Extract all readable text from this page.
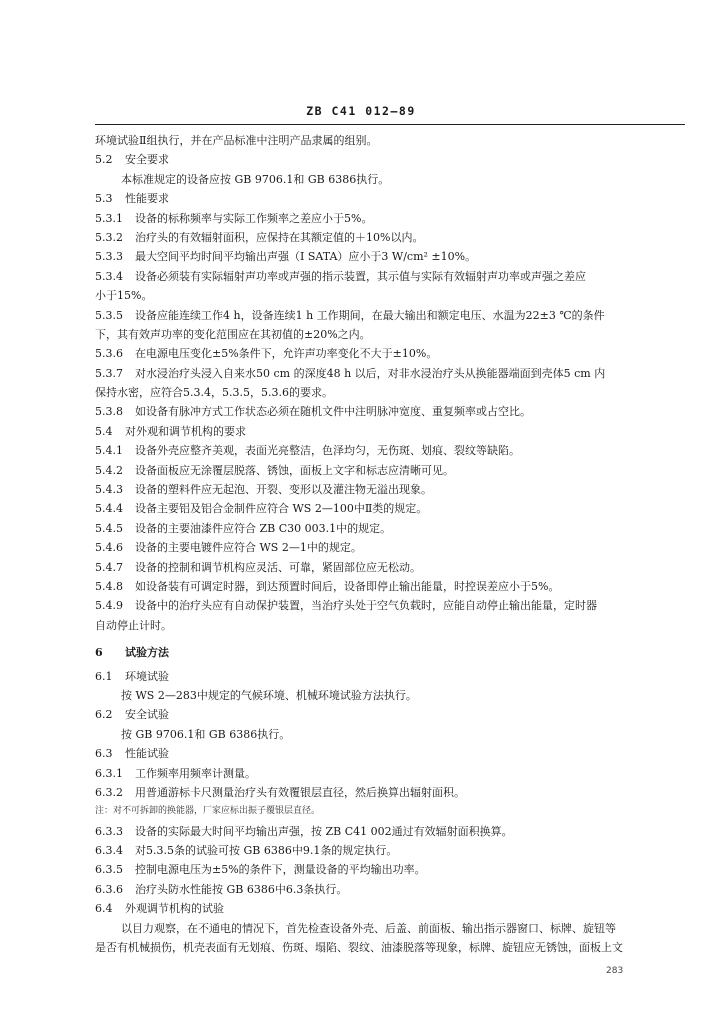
ZB C41 012—89
环境试验Ⅱ组执行，并在产品标准中注明产品隶属的组别。
5.2 安全要求
本标准规定的设备应按 GB 9706.1和 GB 6386执行。
5.3 性能要求
5.3.1 设备的标称频率与实际工作频率之差应小于5%。
5.3.2 治疗头的有效辐射面积，应保持在其额定值的＋10%以内。
5.3.3 最大空间平均时间平均输出声强（I SATA）应小于3 W/cm² ±10%。
5.3.4 设备必须装有实际辐射声功率或声强的指示装置，其示值与实际有效辐射声功率或声强之差应
小于15%。
5.3.5 设备应能连续工作4 h，设备连续1 h 工作期间，在最大输出和额定电压、水温为22±3 ℃的条件
下，其有效声功率的变化范围应在其初值的±20%之内。
5.3.6 在电源电压变化±5%条件下，允许声功率变化不大于±10%。
5.3.7 对水浸治疗头浸入自来水50 cm 的深度48 h 以后，对非水浸治疗头从换能器端面到壳体5 cm 内
保持水密，应符合5.3.4，5.3.5，5.3.6的要求。
5.3.8 如设备有脉冲方式工作状态必须在随机文件中注明脉冲宽度、重复频率或占空比。
5.4 对外观和调节机构的要求
5.4.1 设备外壳应整齐美观，表面光亮整洁，色泽均匀，无伤斑、划痕、裂纹等缺陷。
5.4.2 设备面板应无涂覆层脱落、锈蚀，面板上文字和标志应清晰可见。
5.4.3 设备的塑料件应无起泡、开裂、变形以及灌注物无溢出现象。
5.4.4 设备主要铝及铝合金制件应符合 WS 2—100中Ⅱ类的规定。
5.4.5 设备的主要油漆件应符合 ZB C30 003.1中的规定。
5.4.6 设备的主要电镀件应符合 WS 2—1中的规定。
5.4.7 设备的控制和调节机构应灵活、可靠，紧固部位应无松动。
5.4.8 如设备装有可调定时器，到达预置时间后，设备即停止输出能量，时控误差应小于5%。
5.4.9 设备中的治疗头应有自动保护装置，当治疗头处于空气负载时，应能自动停止输出能量，定时器
自动停止计时。
6 试验方法
6.1 环境试验
按 WS 2—283中规定的气候环境、机械环境试验方法执行。
6.2 安全试验
按 GB 9706.1和 GB 6386执行。
6.3 性能试验
6.3.1 工作频率用频率计测量。
6.3.2 用普通游标卡尺测量治疗头有效覆银层直径，然后换算出辐射面积。
注：对不可拆卸的换能器，厂家应标出振子覆银层直径。
6.3.3 设备的实际最大时间平均输出声强，按 ZB C41 002通过有效辐射面积换算。
6.3.4 对5.3.5条的试验可按 GB 6386中9.1条的规定执行。
6.3.5 控制电源电压为±5%的条件下，测量设备的平均输出功率。
6.3.6 治疗头防水性能按 GB 6386中6.3条执行。
6.4 外观调节机构的试验
以目力观察，在不通电的情况下，首先检查设备外壳、后盖、前面板、输出指示器窗口、标牌、旋钮等
是否有机械损伤，机壳表面有无划痕、伤斑、塌陷、裂纹、油漆脱落等现象，标牌、旋钮应无锈蚀，面板上文
283
